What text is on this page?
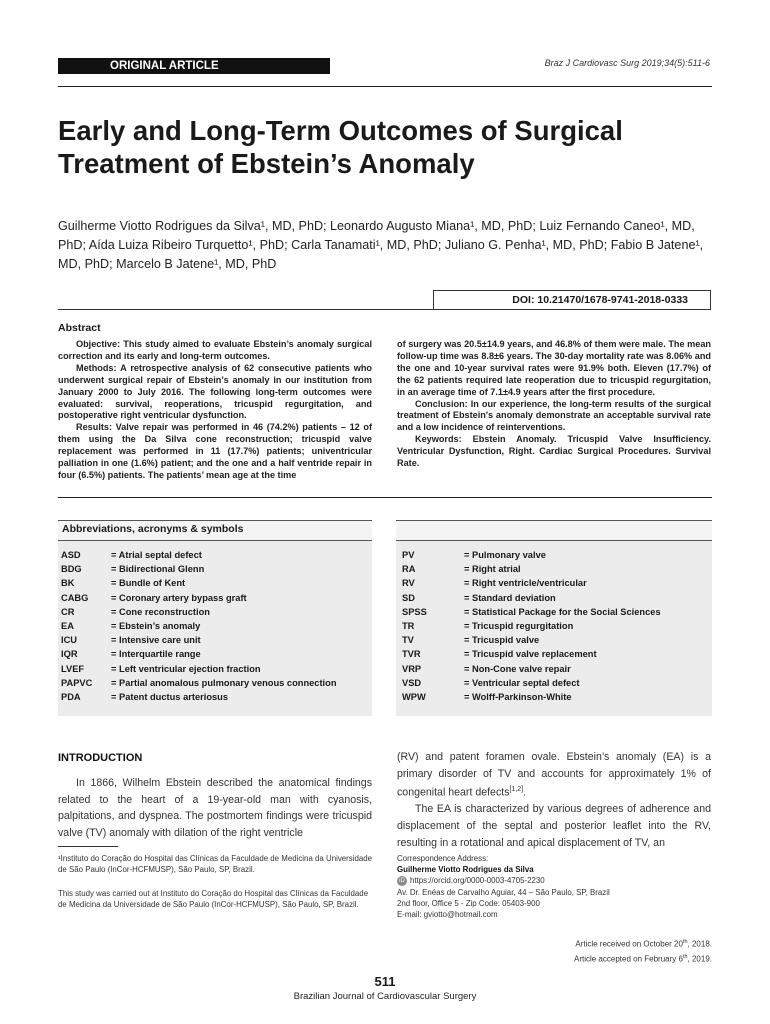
ORIGINAL ARTICLE	Braz J Cardiovasc Surg 2019;34(5):511-6
Early and Long-Term Outcomes of Surgical
Treatment of Ebstein’s Anomaly
Guilherme Viotto Rodrigues da Silva¹, MD, PhD; Leonardo Augusto Miana¹, MD, PhD; Luiz Fernando Caneo¹, MD,
PhD; Aída Luiza Ribeiro Turquetto¹, PhD; Carla Tanamati¹, MD, PhD; Juliano G. Penha¹, MD, PhD; Fabio B Jatene¹,
MD, PhD; Marcelo B Jatene¹, MD, PhD
DOI: 10.21470/1678-9741-2018-0333
Abstract

Objective: This study aimed to evaluate Ebstein’s anomaly surgical correction and its early and long-term outcomes.

Methods: A retrospective analysis of 62 consecutive patients who underwent surgical repair of Ebstein’s anomaly in our institution from January 2000 to July 2016. The following long-term outcomes were evaluated: survival, reoperations, tricuspid regurgitation, and postoperative right ventricular dysfunction.

Results: Valve repair was performed in 46 (74.2%) patients – 12 of them using the Da Silva cone reconstruction; tricuspid valve replacement was performed in 11 (17.7%) patients; univentricular palliation in one (1.6%) patient; and the one and a half ventride repair in four (6.5%) patients. The patients’ mean age at the time

of surgery was 20.5±14.9 years, and 46.8% of them were male. The mean follow-up time was 8.8±6 years. The 30-day mortality rate was 8.06% and the one and 10-year survival rates were 91.9% both. Eleven (17.7%) of the 62 patients required late reoperation due to tricuspid regurgitation, in an average time of 7.1±4.9 years after the first procedure.

Conclusion: In our experience, the long-term results of the surgical treatment of Ebstein's anomaly demonstrate an acceptable survival rate and a low incidence of reinterventions.

Keywords: Ebstein Anomaly. Tricuspid Valve Insufficiency. Ventricular Dysfunction, Right. Cardiac Surgical Procedures. Survival Rate.

Abbreviations, acronyms & symbols
ASD	= Atrial septal defect
BDG	= Bidirectional Glenn
BK	= Bundle of Kent
CABG	= Coronary artery bypass graft
CR	= Cone reconstruction
EA	= Ebstein’s anomaly
ICU	= Intensive care unit
IQR	= Interquartile range
LVEF	= Left ventricular ejection fraction
PAPVC	= Partial anomalous pulmonary venous connection
PDA	= Patent ductus arteriosus
PV	= Pulmonary valve
RA	= Right atrial
RV	= Right ventricle/ventricular
SD	= Standard deviation
SPSS	= Statistical Package for the Social Sciences
TR	= Tricuspid regurgitation
TV	= Tricuspid valve
TVR	= Tricuspid valve replacement
VRP	= Non-Cone valve repair
VSD	= Ventricular septal defect
WPW	= Wolff-Parkinson-White
INTRODUCTION

In 1866, Wilhelm Ebstein described the anatomical findings related to the heart of a 19-year-old man with cyanosis, palpitations, and dyspnea. The postmortem findings were tricuspid valve (TV) anomaly with dilation of the right ventricle

(RV) and patent foramen ovale. Ebstein’s anomaly (EA) is a primary disorder of TV and accounts for approximately 1% of congenital heart defects[1,2].

The EA is characterized by various degrees of adherence and displacement of the septal and posterior leaflet into the RV, resulting in a rotational and apical displacement of TV, an

¹Instituto do Coração do Hospital das Clínicas da Faculdade de Medicina da Universidade de São Paulo (InCor-HCFMUSP), São Paulo, SP, Brazil.
This study was carried out at Instituto do Coração do Hospital das Clínicas da Faculdade de Medicina da Universidade de São Paulo (InCor-HCFMUSP), São Paulo, SP, Brazil.
Correspondence Address:
Guilherme Viotto Rodrigues da Silva
iD https://orcid.org/0000-0003-4705-2230
Av. Dr. Enéas de Carvalho Aguiar, 44 – São Paulo, SP, Brazil
2nd floor, Office 5 - Zip Code: 05403-900
E-mail: gviotto@hotmail.com
Article received on October 20th, 2018.
Article accepted on February 6th, 2019.
511
Brazilian Journal of Cardiovascular Surgery
